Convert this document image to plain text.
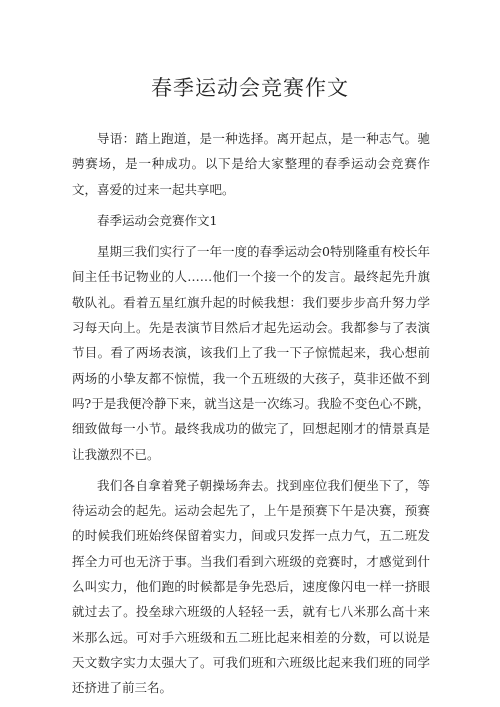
春季运动会竞赛作文

导语：踏上跑道，是一种选择。离开起点，是一种志气。驰骋赛场，是一种成功。以下是给大家整理的春季运动会竞赛作文，喜爱的过来一起共享吧。

春季运动会竞赛作文1

星期三我们实行了一年一度的春季运动会0特别隆重有校长年间主任书记物业的人……他们一个接一个的发言。最终起先升旗敬队礼。看着五星红旗升起的时候我想：我们要步步高升努力学习每天向上。先是表演节目然后才起先运动会。我都参与了表演节目。看了两场表演，该我们上了我一下子惊慌起来，我心想前两场的小挚友都不惊慌，我一个五班级的大孩子，莫非还做不到吗?于是我便冷静下来，就当这是一次练习。我脸不变色心不跳，细致做每一小节。最终我成功的做完了，回想起刚才的情景真是让我激烈不已。

我们各自拿着凳子朝操场奔去。找到座位我们便坐下了，等待运动会的起先。运动会起先了，上午是预赛下午是决赛，预赛的时候我们班始终保留着实力，间或只发挥一点力气，五二班发挥全力可也无济于事。当我们看到六班级的竞赛时，才感觉到什么叫实力，他们跑的时候都是争先恐后，速度像闪电一样一挤眼就过去了。投垒球六班级的人轻轻一丢，就有七八米那么高十来米那么远。可对手六班级和五二班比起来相差的分数，可以说是天文数字实力太强大了。可我们班和六班级比起来我们班的同学还挤进了前三名。
